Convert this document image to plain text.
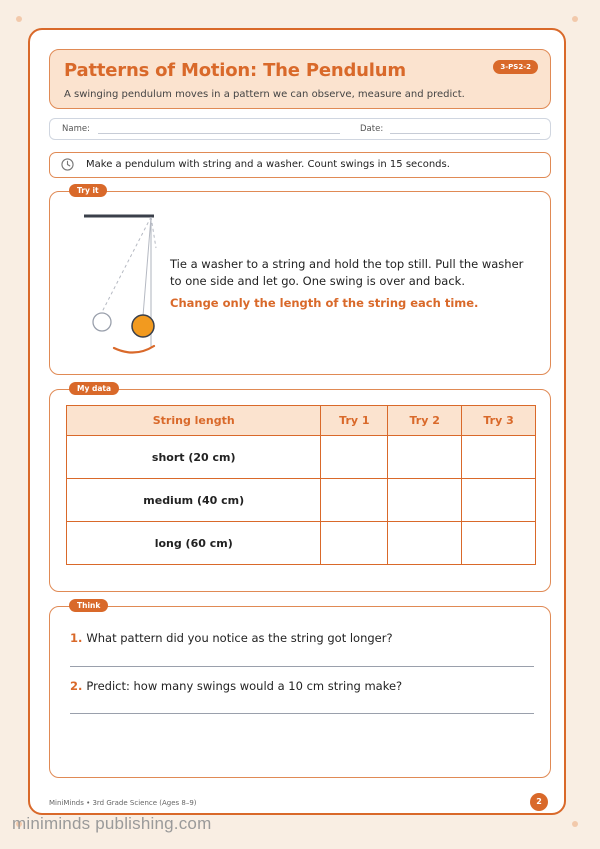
Patterns of Motion: The Pendulum
A swinging pendulum moves in a pattern we can observe, measure and predict.
3-PS2-2
Name:	Date:
Make a pendulum with string and a washer. Count swings in 15 seconds.
Try it
Tie a washer to a string and hold the top still. Pull the washer to one side and let go. One swing is over and back.
Change only the length of the string each time.
My data
String length	Try 1	Try 2	Try 3
short (20 cm)			
medium (40 cm)			
long (60 cm)			
Think
1. What pattern did you notice as the string got longer?
2. Predict: how many swings would a 10 cm string make?
MiniMinds • 3rd Grade Science (Ages 8–9)	2
miniminds publishing.com
